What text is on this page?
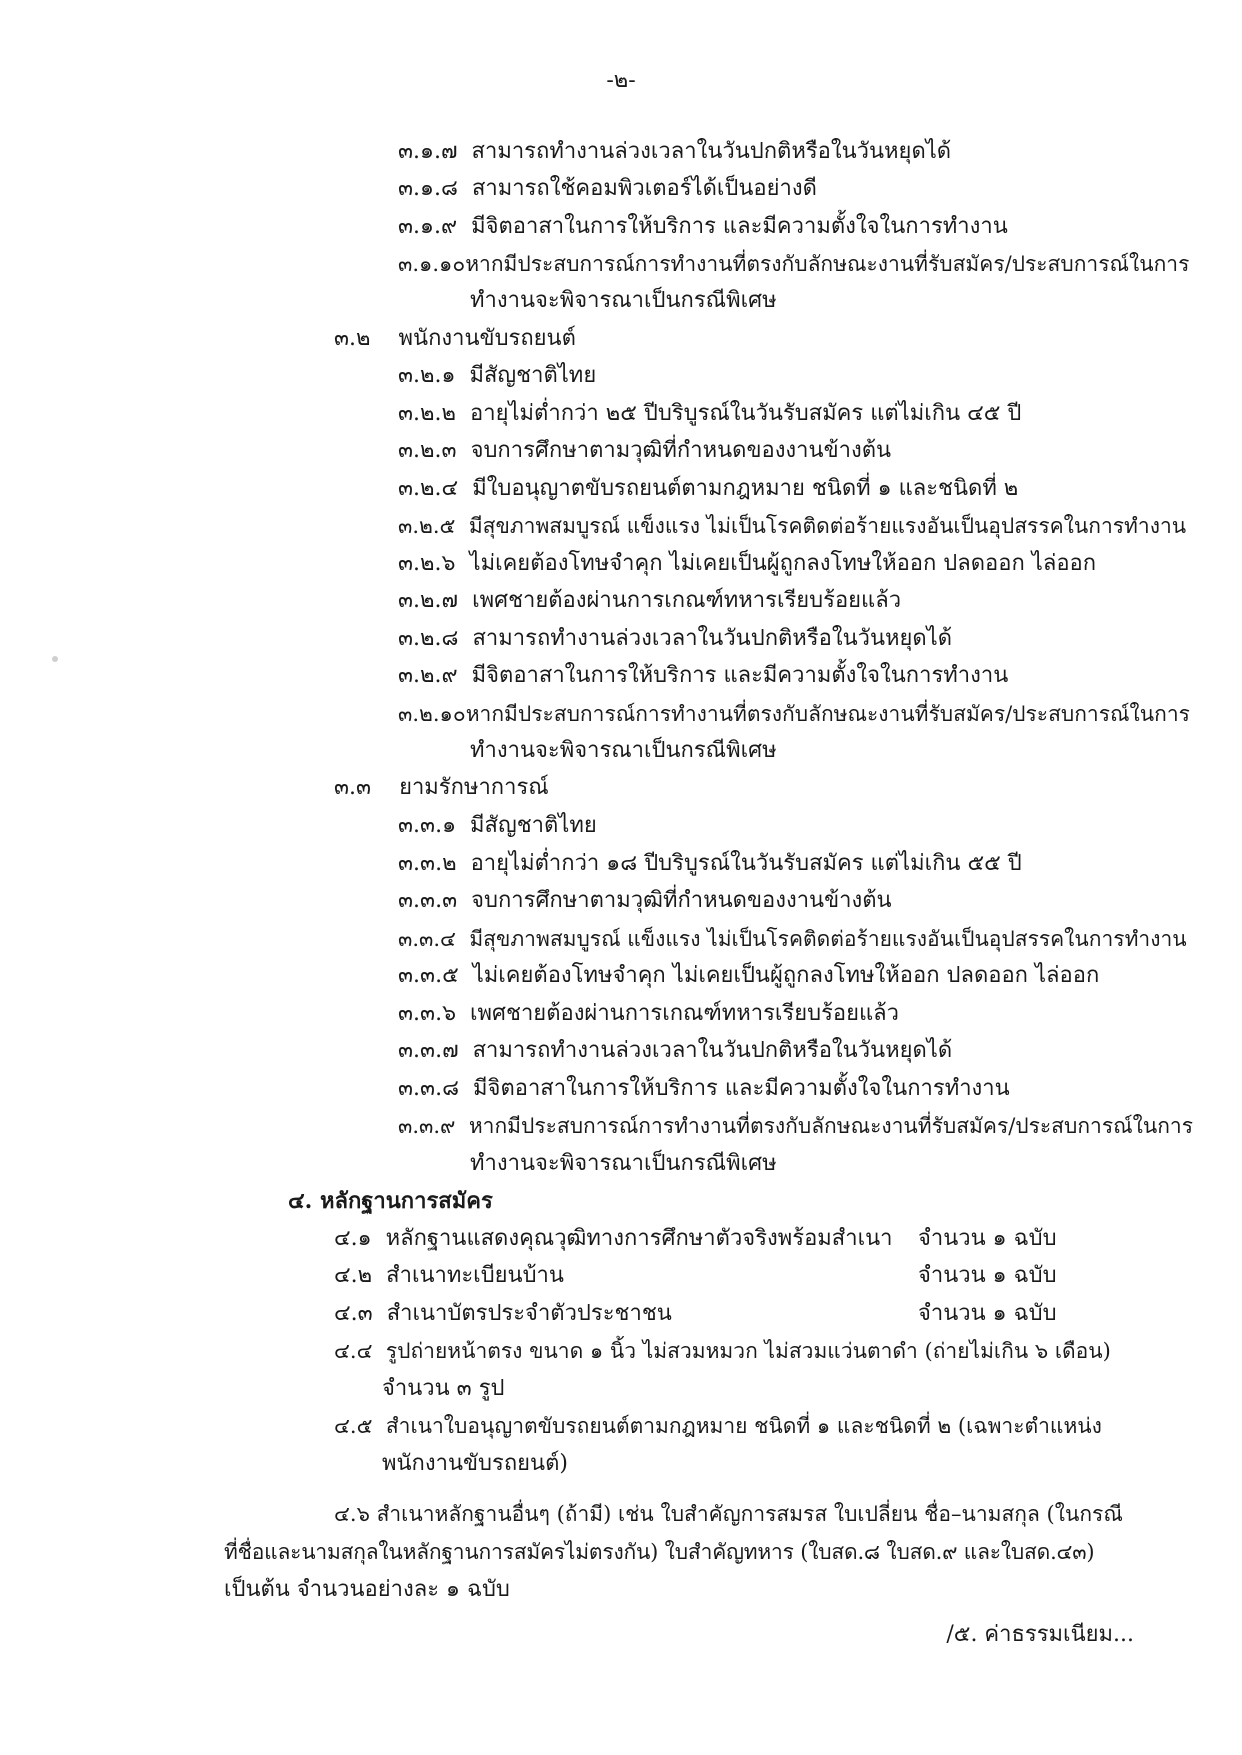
-๒-
๓.๑.๗ สามารถทำงานล่วงเวลาในวันปกติหรือในวันหยุดได้
๓.๑.๘ สามารถใช้คอมพิวเตอร์ได้เป็นอย่างดี
๓.๑.๙ มีจิตอาสาในการให้บริการ และมีความตั้งใจในการทำงาน
๓.๑.๑๐หากมีประสบการณ์การทำงานที่ตรงกับลักษณะงานที่รับสมัคร/ประสบการณ์ในการ
ทำงานจะพิจารณาเป็นกรณีพิเศษ
๓.๒ พนักงานขับรถยนต์
๓.๒.๑ มีสัญชาติไทย
๓.๒.๒ อายุไม่ต่ำกว่า ๒๕ ปีบริบูรณ์ในวันรับสมัคร แต่ไม่เกิน ๔๕ ปี
๓.๒.๓ จบการศึกษาตามวุฒิที่กำหนดของงานข้างต้น
๓.๒.๔ มีใบอนุญาตขับรถยนต์ตามกฎหมาย ชนิดที่ ๑ และชนิดที่ ๒
๓.๒.๕ มีสุขภาพสมบูรณ์ แข็งแรง ไม่เป็นโรคติดต่อร้ายแรงอันเป็นอุปสรรคในการทำงาน
๓.๒.๖ ไม่เคยต้องโทษจำคุก ไม่เคยเป็นผู้ถูกลงโทษให้ออก ปลดออก ไล่ออก
๓.๒.๗ เพศชายต้องผ่านการเกณฑ์ทหารเรียบร้อยแล้ว
๓.๒.๘ สามารถทำงานล่วงเวลาในวันปกติหรือในวันหยุดได้
๓.๒.๙ มีจิตอาสาในการให้บริการ และมีความตั้งใจในการทำงาน
๓.๒.๑๐หากมีประสบการณ์การทำงานที่ตรงกับลักษณะงานที่รับสมัคร/ประสบการณ์ในการ
ทำงานจะพิจารณาเป็นกรณีพิเศษ
๓.๓ ยามรักษาการณ์
๓.๓.๑ มีสัญชาติไทย
๓.๓.๒ อายุไม่ต่ำกว่า ๑๘ ปีบริบูรณ์ในวันรับสมัคร แต่ไม่เกิน ๕๕ ปี
๓.๓.๓ จบการศึกษาตามวุฒิที่กำหนดของงานข้างต้น
๓.๓.๔ มีสุขภาพสมบูรณ์ แข็งแรง ไม่เป็นโรคติดต่อร้ายแรงอันเป็นอุปสรรคในการทำงาน
๓.๓.๕ ไม่เคยต้องโทษจำคุก ไม่เคยเป็นผู้ถูกลงโทษให้ออก ปลดออก ไล่ออก
๓.๓.๖ เพศชายต้องผ่านการเกณฑ์ทหารเรียบร้อยแล้ว
๓.๓.๗ สามารถทำงานล่วงเวลาในวันปกติหรือในวันหยุดได้
๓.๓.๘ มีจิตอาสาในการให้บริการ และมีความตั้งใจในการทำงาน
๓.๓.๙ หากมีประสบการณ์การทำงานที่ตรงกับลักษณะงานที่รับสมัคร/ประสบการณ์ในการ
ทำงานจะพิจารณาเป็นกรณีพิเศษ
๔. หลักฐานการสมัคร
๔.๑ หลักฐานแสดงคุณวุฒิทางการศึกษาตัวจริงพร้อมสำเนา จำนวน ๑ ฉบับ
๔.๒ สำเนาทะเบียนบ้าน	จำนวน ๑ ฉบับ
๔.๓ สำเนาบัตรประจำตัวประชาชน	จำนวน ๑ ฉบับ
๔.๔ รูปถ่ายหน้าตรง ขนาด ๑ นิ้ว ไม่สวมหมวก ไม่สวมแว่นตาดำ (ถ่ายไม่เกิน ๖ เดือน)
จำนวน ๓ รูป
๔.๕ สำเนาใบอนุญาตขับรถยนต์ตามกฎหมาย ชนิดที่ ๑ และชนิดที่ ๒ (เฉพาะตำแหน่ง
พนักงานขับรถยนต์)
๔.๖ สำเนาหลักฐานอื่นๆ (ถ้ามี) เช่น ใบสำคัญการสมรส ใบเปลี่ยน ชื่อ–นามสกุล (ในกรณี
ที่ชื่อและนามสกุลในหลักฐานการสมัครไม่ตรงกัน) ใบสำคัญทหาร (ใบสด.๘ ใบสด.๙ และใบสด.๔๓)
เป็นต้น จำนวนอย่างละ ๑ ฉบับ
/๕. ค่าธรรมเนียม...
